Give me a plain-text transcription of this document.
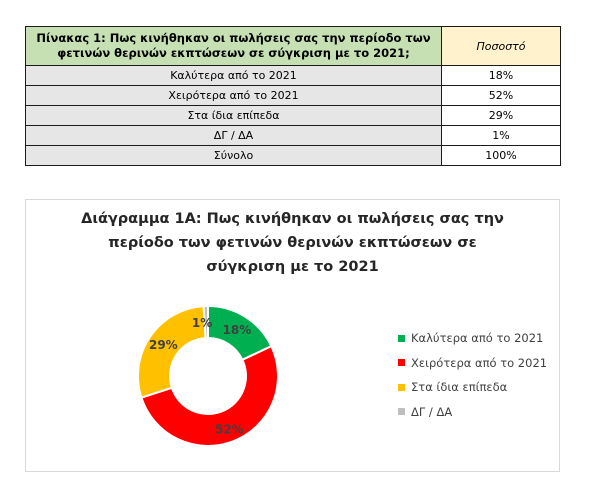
Πίνακας 1: Πως κινήθηκαν οι πωλήσεις σας την περίοδο των
φετινών θερινών εκπτώσεων σε σύγκριση με το 2021;	Ποσοστό
Καλύτερα από το 2021	18%
Χειρότερα από το 2021	52%
Στα ίδια επίπεδα	29%
ΔΓ / ΔΑ	1%
Σύνολο	100%
Διάγραμμα 1Α: Πως κινήθηκαν οι πωλήσεις σας την
περίοδο των φετινών θερινών εκπτώσεων σε
σύγκριση με το 2021
18%
52%
29%
1%
Καλύτερα από το 2021
Χειρότερα από το 2021
Στα ίδια επίπεδα
ΔΓ / ΔΑ
